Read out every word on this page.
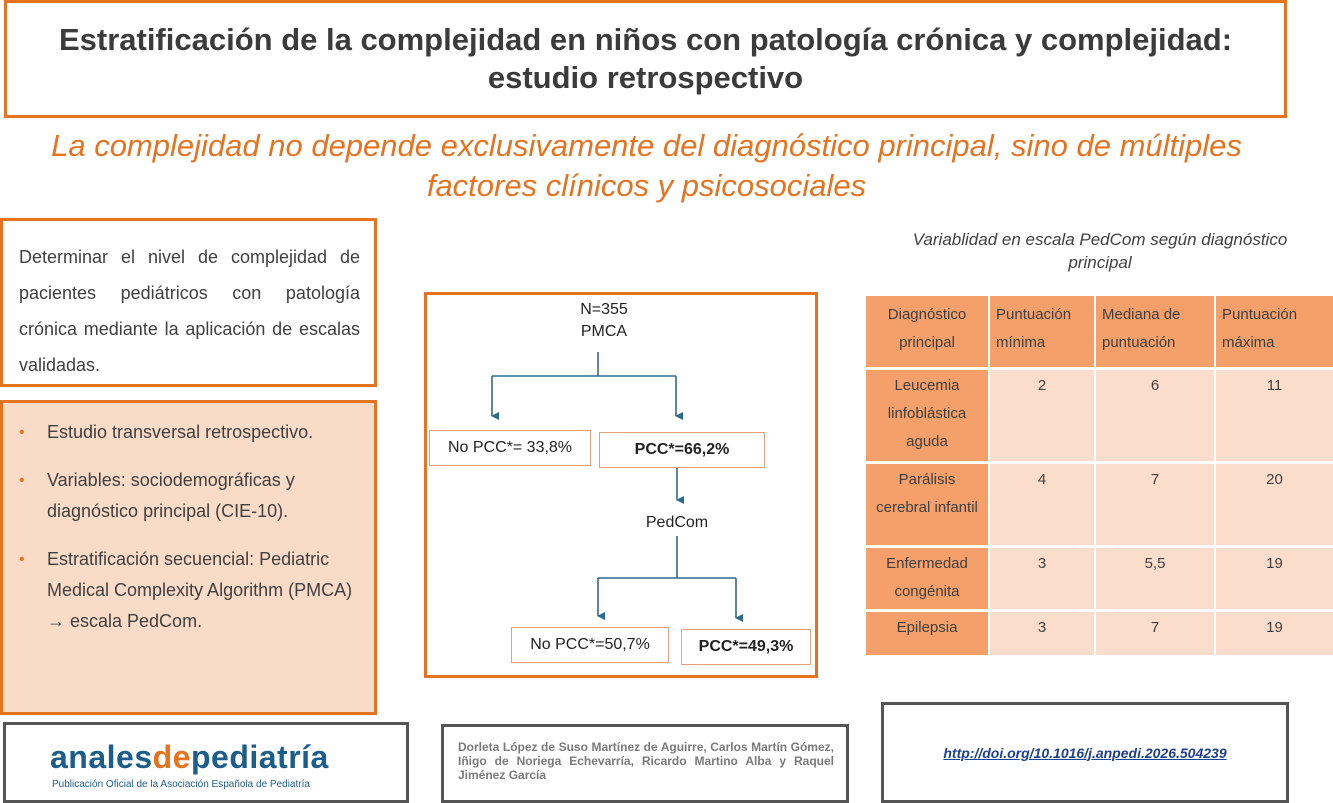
Estratificación de la complejidad en niños con patología crónica y complejidad: estudio retrospectivo
La complejidad no depende exclusivamente del diagnóstico principal, sino de múltiples factores clínicos y psicosociales
Determinar el nivel de complejidad de pacientes pediátricos con patología crónica mediante la aplicación de escalas validadas.
• Estudio transversal retrospectivo.
• Variables: sociodemográficas y diagnóstico principal (CIE-10).
• Estratificación secuencial: Pediatric Medical Complexity Algorithm (PMCA) → escala PedCom.
N=355
PMCA
No PCC*= 33,8%	PCC*=66,2%
PedCom
No PCC*=50,7%	PCC*=49,3%
Variablidad en escala PedCom según diagnóstico principal
Diagnóstico principal	Puntuación mínima	Mediana de puntuación	Puntuación máxima
Leucemia linfoblástica aguda	2	6	11
Parálisis cerebral infantil	4	7	20
Enfermedad congénita	3	5,5	19
Epilepsia	3	7	19
analesdepediatría
Publicación Oficial de la Asociación Española de Pediatría
Dorleta López de Suso Martínez de Aguirre, Carlos Martín Gómez, Iñigo de Noriega Echevarría, Ricardo Martino Alba y Raquel Jiménez García
http://doi.org/10.1016/j.anpedi.2026.504239
